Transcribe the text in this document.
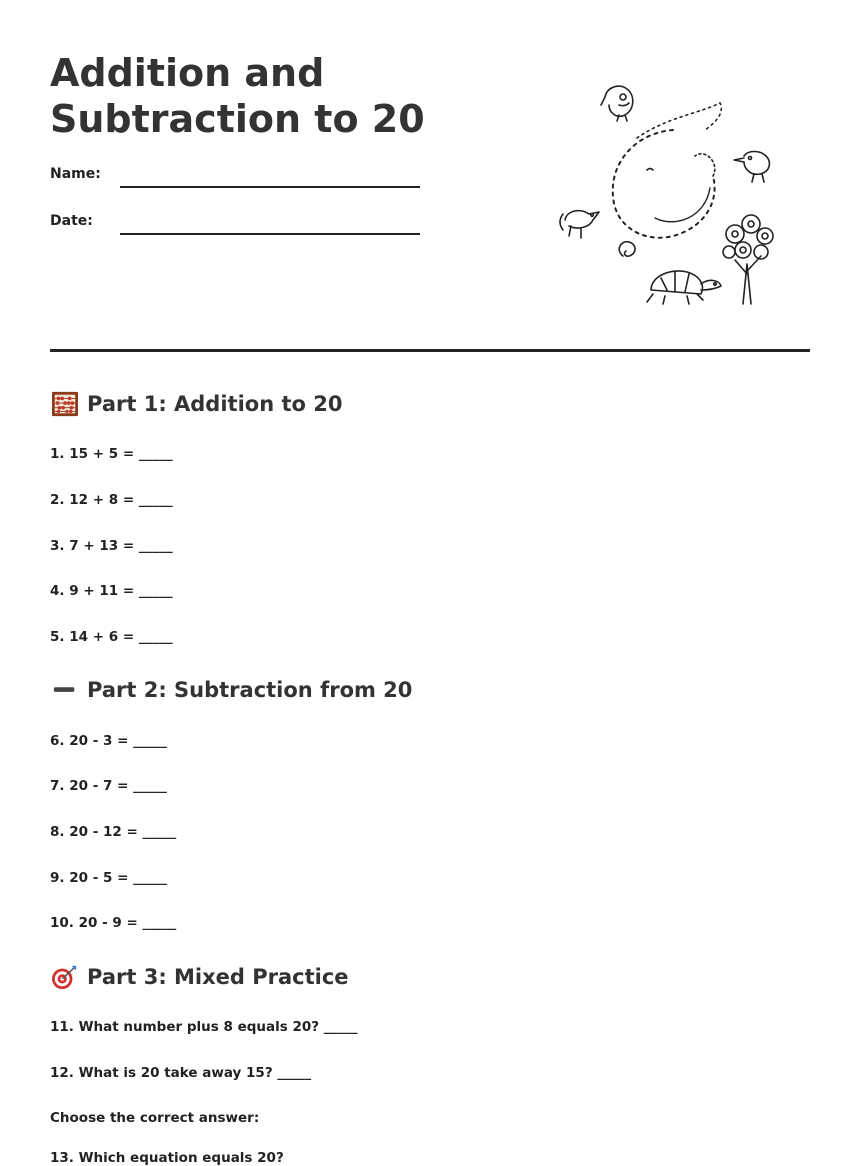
Addition and
Subtraction to 20
Name:
Date:
Part 1: Addition to 20
1. 15 + 5 = _____
2. 12 + 8 = _____
3. 7 + 13 = _____
4. 9 + 11 = _____
5. 14 + 6 = _____
Part 2: Subtraction from 20
6. 20 - 3 = _____
7. 20 - 7 = _____
8. 20 - 12 = _____
9. 20 - 5 = _____
10. 20 - 9 = _____
Part 3: Mixed Practice
11. What number plus 8 equals 20? _____
12. What is 20 take away 15? _____
Choose the correct answer:
13. Which equation equals 20?
